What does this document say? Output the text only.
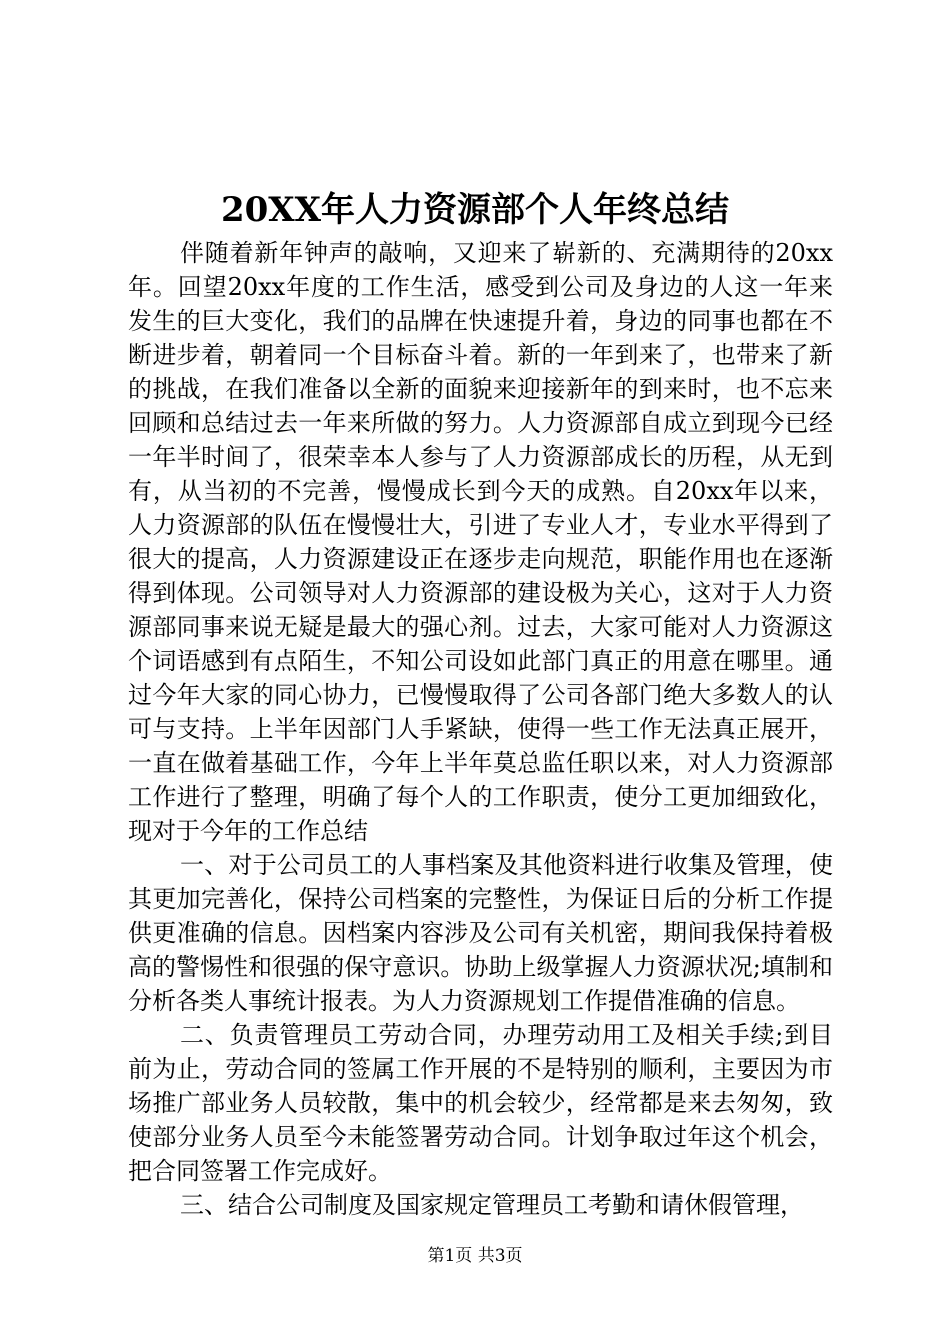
20XX年人力资源部个人年终总结

伴随着新年钟声的敲响，又迎来了崭新的、充满期待的20xx年。回望20xx年度的工作生活，感受到公司及身边的人这一年来发生的巨大变化，我们的品牌在快速提升着，身边的同事也都在不断进步着，朝着同一个目标奋斗着。新的一年到来了，也带来了新的挑战，在我们准备以全新的面貌来迎接新年的到来时，也不忘来回顾和总结过去一年来所做的努力。人力资源部自成立到现今已经一年半时间了，很荣幸本人参与了人力资源部成长的历程，从无到有，从当初的不完善，慢慢成长到今天的成熟。自20xx年以来，人力资源部的队伍在慢慢壮大，引进了专业人才，专业水平得到了很大的提高，人力资源建设正在逐步走向规范，职能作用也在逐渐得到体现。公司领导对人力资源部的建设极为关心，这对于人力资源部同事来说无疑是最大的强心剂。过去，大家可能对人力资源这个词语感到有点陌生，不知公司设如此部门真正的用意在哪里。通过今年大家的同心协力，已慢慢取得了公司各部门绝大多数人的认可与支持。上半年因部门人手紧缺，使得一些工作无法真正展开，一直在做着基础工作，今年上半年莫总监任职以来，对人力资源部工作进行了整理，明确了每个人的工作职责，使分工更加细致化，现对于今年的工作总结

一、对于公司员工的人事档案及其他资料进行收集及管理，使其更加完善化，保持公司档案的完整性，为保证日后的分析工作提供更准确的信息。因档案内容涉及公司有关机密，期间我保持着极高的警惕性和很强的保守意识。协助上级掌握人力资源状况;填制和分析各类人事统计报表。为人力资源规划工作提借准确的信息。

二、负责管理员工劳动合同，办理劳动用工及相关手续;到目前为止，劳动合同的签属工作开展的不是特别的顺利，主要因为市场推广部业务人员较散，集中的机会较少，经常都是来去匆匆，致使部分业务人员至今未能签署劳动合同。计划争取过年这个机会，把合同签署工作完成好。

三、结合公司制度及国家规定管理员工考勤和请休假管理，

第1页 共3页
